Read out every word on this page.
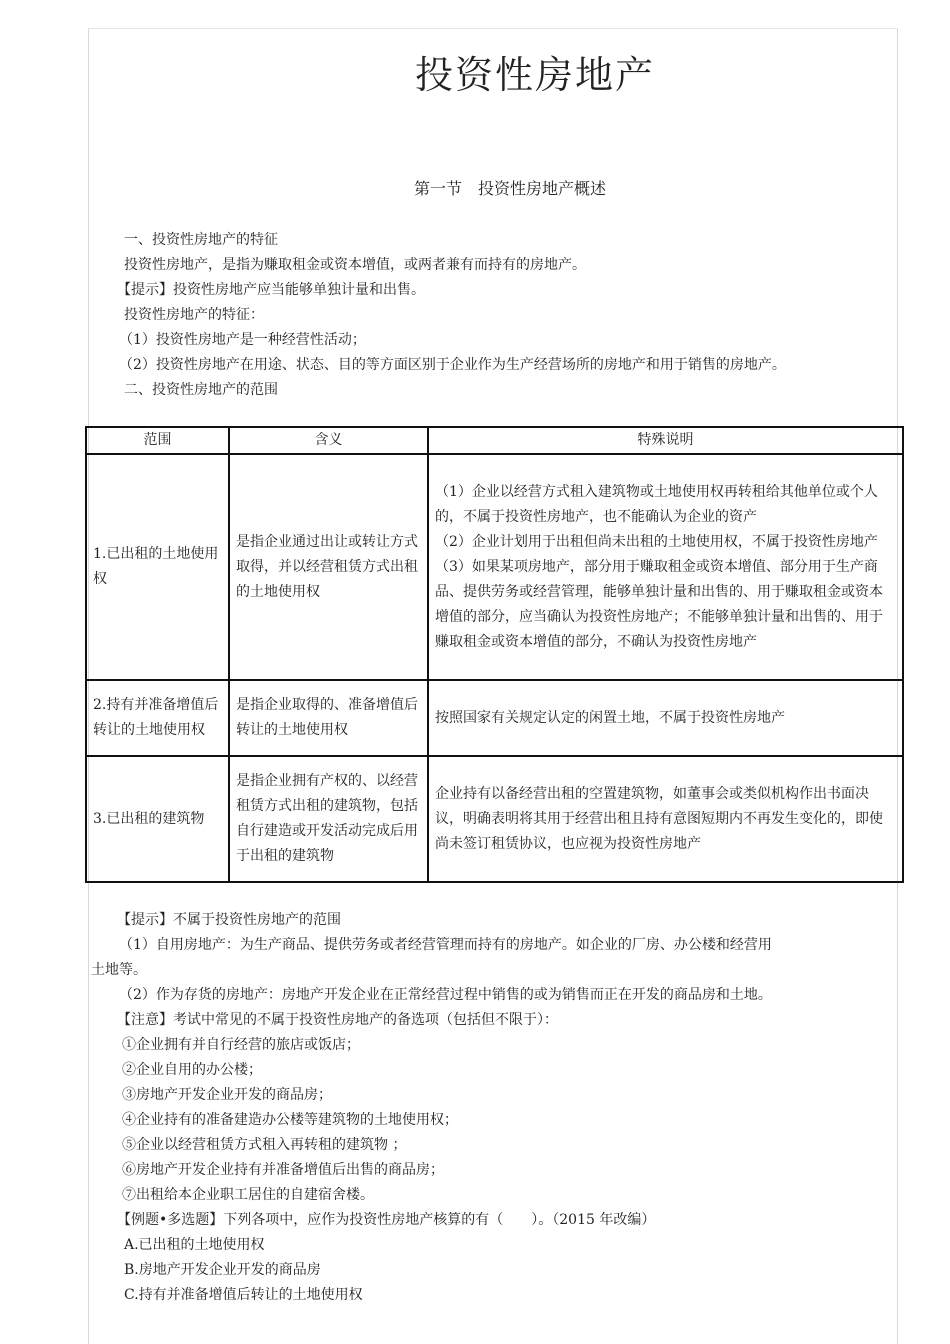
投资性房地产
第一节　投资性房地产概述
一、投资性房地产的特征
投资性房地产，是指为赚取租金或资本增值，或两者兼有而持有的房地产。
【提示】投资性房地产应当能够单独计量和出售。
投资性房地产的特征：
（1）投资性房地产是一种经营性活动；
（2）投资性房地产在用途、状态、目的等方面区别于企业作为生产经营场所的房地产和用于销售的房地产。
二、投资性房地产的范围
范围	含义	特殊说明
1.已出租的土地使用权	是指企业通过出让或转让方式取得，并以经营租赁方式出租的土地使用权	（1）企业以经营方式租入建筑物或土地使用权再转租给其他单位或个人的，不属于投资性房地产，也不能确认为企业的资产
（2）企业计划用于出租但尚未出租的土地使用权，不属于投资性房地产
（3）如果某项房地产，部分用于赚取租金或资本增值、部分用于生产商品、提供劳务或经营管理，能够单独计量和出售的、用于赚取租金或资本增值的部分，应当确认为投资性房地产；不能够单独计量和出售的、用于赚取租金或资本增值的部分，不确认为投资性房地产

2.持有并准备增值后转让的土地使用权	是指企业取得的、准备增值后转让的土地使用权	按照国家有关规定认定的闲置土地，不属于投资性房地产

3.已出租的建筑物	是指企业拥有产权的、以经营租赁方式出租的建筑物，包括自行建造或开发活动完成后用于出租的建筑物	企业持有以备经营出租的空置建筑物，如董事会或类似机构作出书面决议，明确表明将其用于经营出租且持有意图短期内不再发生变化的，即使尚未签订租赁协议，也应视为投资性房地产
【提示】不属于投资性房地产的范围
（1）自用房地产：为生产商品、提供劳务或者经营管理而持有的房地产。如企业的厂房、办公楼和经营用
土地等。
（2）作为存货的房地产：房地产开发企业在正常经营过程中销售的或为销售而正在开发的商品房和土地。
【注意】考试中常见的不属于投资性房地产的备选项（包括但不限于）：
①企业拥有并自行经营的旅店或饭店；
②企业自用的办公楼；
③房地产开发企业开发的商品房；
④企业持有的准备建造办公楼等建筑物的土地使用权；
⑤企业以经营租赁方式租入再转租的建筑物 ；
⑥房地产开发企业持有并准备增值后出售的商品房；
⑦出租给本企业职工居住的自建宿舍楼。
【例题•多选题】下列各项中，应作为投资性房地产核算的有（　　）。（2015 年改编）
A.已出租的土地使用权
B.房地产开发企业开发的商品房
C.持有并准备增值后转让的土地使用权
